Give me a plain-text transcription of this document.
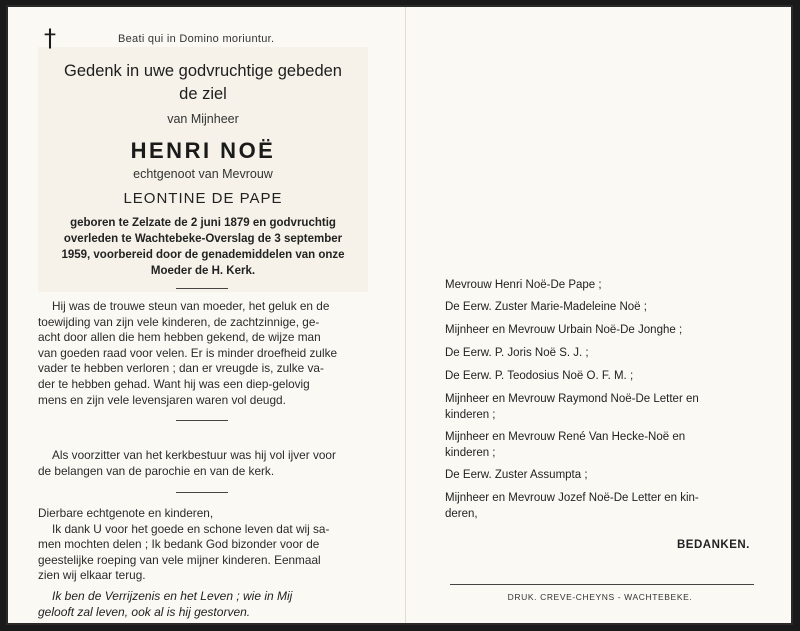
†	Beati qui in Domino moriuntur.
Gedenk in uwe godvruchtige gebeden
de ziel
van Mijnheer
HENRI NOË
echtgenoot van Mevrouw
LEONTINE DE PAPE
geboren te Zelzate de 2 juni 1879 en godvruchtig
overleden te Wachtebeke-Overslag de 3 september
1959, voorbereid door de genademiddelen van onze
Moeder de H. Kerk.
Hij was de trouwe steun van moeder, het geluk en de
toewijding van zijn vele kinderen, de zachtzinnige, ge-
acht door allen die hem hebben gekend, de wijze man
van goeden raad voor velen. Er is minder droefheid zulke
vader te hebben verloren ; dan er vreugde is, zulke va-
der te hebben gehad. Want hij was een diep-gelovig
mens en zijn vele levensjaren waren vol deugd.
Als voorzitter van het kerkbestuur was hij vol ijver voor
de belangen van de parochie en van de kerk.
Dierbare echtgenote en kinderen,
Ik dank U voor het goede en schone leven dat wij sa-
men mochten delen ; Ik bedank God bizonder voor de
geestelijke roeping van vele mijner kinderen. Eenmaal
zien wij elkaar terug.
Ik ben de Verrijzenis en het Leven ; wie in Mij
gelooft zal leven, ook al is hij gestorven.
Mevrouw Henri Noë-De Pape ;
De Eerw. Zuster Marie-Madeleine Noë ;
Mijnheer en Mevrouw Urbain Noë-De Jonghe ;
De Eerw. P. Joris Noë S. J. ;
De Eerw. P. Teodosius Noë O. F. M. ;
Mijnheer en Mevrouw Raymond Noë-De Letter en
kinderen ;
Mijnheer en Mevrouw René Van Hecke-Noë en
kinderen ;
De Eerw. Zuster Assumpta ;
Mijnheer en Mevrouw Jozef Noë-De Letter en kin-
deren,
BEDANKEN.
DRUK. CREVE-CHEYNS - WACHTEBEKE.
